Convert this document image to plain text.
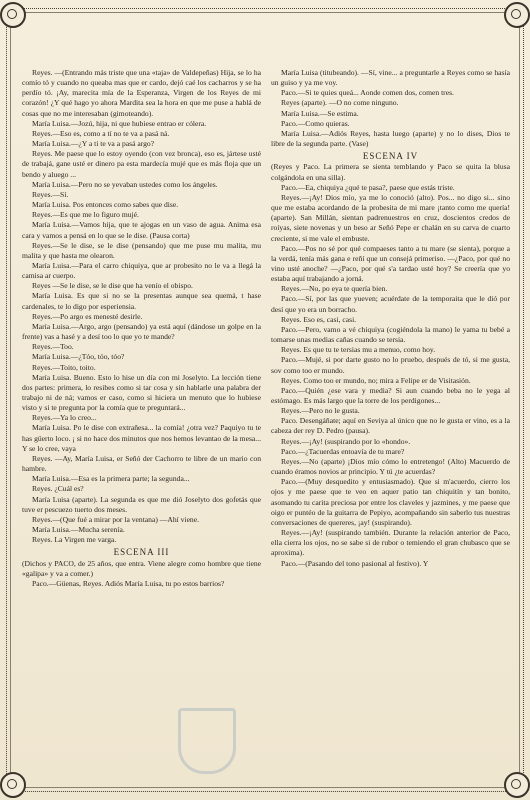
Reyes. —(Entrando más triste que una «taja» de Valdepeñas) Hija, se lo ha comío tó y cuando no queaba mas que er cardo, dejó caé los cacharros y se ha perdío tó. ¡Ay, marecita mía de la Esperanza, Virgen de los Reyes de mi corazón! ¿Y qué hago yo ahora Mardita sea la hora en que me puse a hablá de cosas que no me interesaban (gimoteando).

María Luisa.—Jozú, hija, ni que hubiese entrao er cólera.

Reyes.—Eso es, como a tí no te va a pasá ná.

María Luisa.—¿Y a ti te va a pasá argo?

Reyes. Me paese que lo estoy oyendo (con vez bronca), eso es, jártese usté de trabajá, gane usté er dinero pa esta mardecía mujé que es más floja que un bendo y aluego ...

María Luisa.—Pero no se yevaban ustedes como los ángeles.

Reyes.—Sí.

María Luisa. Pos entonces como sabes que dise.

Reyes.—Es que me lo figuro mujé.

María Luisa.—Vamos hija, que te ajogas en un vaso de agua. Anima esa cara y vamos a pensá en lo que se le dise. (Pausa corta)

Reyes.—Se le dise, se le dise (pensando) que me puse mu malita, mu malita y que hasta me olearon.

María Luisa.—Para el carro chiquiya, que ar probesito no le va a llegá la camisa ar cuerpo.

Reyes —Se le dise, se le dise que ha venío el obispo.

María Luisa. Es que si no se la presentas aunque sea quemá, t hase cardenales, te lo digo por esperiensia.

Reyes.—Po argo es menesté desirle.

María Luisa.—Argo, argo (pensando) ya está aquí (dándose un golpe en la frente) vas a hasé y a desí too lo que yo te mande?

Reyes.—Too.

María Luisa.—¿Tóo, tóo, tóo?

Reyes.—Toito, toito.

María Luisa. Bueno. Esto lo hise un día con mi Joselyto. La lección tiene dos partes: primera, lo resibes como si tar cosa y sin hablarle una palabra der trabajo ni de ná; vamos er caso, como si hiciera un menuto que lo hubiese visto y si te pregunta por la comía que te preguntará...

Reyes.—Ya lo creo...

María Luisa. Po le dise con extrañesa... la comía! ¿otra vez? Paquiyo tu te has güerto loco. ¡ si no hace dos minutos que nos hemos levantao de la mesa... Y se lo cree, vaya

Reyes. —Ay, María Luisa, er Señó der Cachorro te libre de un mario con hambre.

María Luisa.—Esa es la primera parte; la segunda...

Reyes. ¿Cuál es?

María Luisa (aparte). La segunda es que me dió Joselyto dos gofetás que tuve er pescuezo tuerto dos meses.

Reyes.—(Que fué a mirar por la ventana) —Ahí viene.

María Luisa.—Mucha serenía.

Reyes. La Virgen me varga.

ESCENA III

(Dichos y PACO, de 25 años, que entra. Viene alegre como hombre que tiene «galipa» y va a comer.)

Paco.—Güenas, Reyes. Adiós María Luisa, tu po estos barrios?

María Luisa (titubeando). —Sí, vine... a preguntarle a Reyes como se hasía un guiso y ya me voy.

Paco.—Si te quies queá... Aonde comen dos, comen tres.

Reyes (aparte). —O no come ninguno.

María Luisa.—Se estima.

Paco.—Como quieras.

María Luisa.—Adiós Reyes, hasta luego (aparte) y no lo dises, Dios te libre de la segunda parte. (Vase)

ESCENA IV

(Reyes y Paco. La primera se sienta temblando y Paco se quita la blusa colgándola en una silla).

Paco.—Ea, chiquiya ¿qué te pasa?, paese que estás triste.

Reyes.—¡Ay! Dios mío, ya me lo conoció (alto). Pos... no digo si... sino que me estaba acordando de la probesita de mi mare ¡tanto como me quería! (aparte). San Millán, sientan padrenuestros en cruz, doscientos credos de roíyas, siete novenas y un beso ar Señó Pepe er chalán en su carva de cuarto creciente, si me vale el embuste.

Paco.—Pos no sé por qué compaeses tanto a tu mare (se sienta), porque a la verdá, tenía más gana e reñí que un consejá primeriso. —¿Paco, por qué no vino usté anoche? —¿Paco, por qué s'a tardao usté hoy? Se creería que yo estaba aquí trabajando a jorná.

Reyes.—No, po eya te quería bien.

Paco.—Sí, por las que yueven; acuérdate de la temporaita que le dió por desí que yo era un borracho.

Reyes. Eso es, casi, casi.

Paco.—Pero, vamo a vé chiquiya (cogiéndola la mano) le yama tu bebé a tomarse unas medias cañas cuando se tersia.

Reyes. Es que tu te tersias mu a menuo, como hoy.

Paco.—Mujé, si por darte gusto no lo pruebo, después de tó, si me gusta, sov como too er mundo.

Reyes. Como too er mundo, no; mira a Felipe er de Visitasión.

Paco.—Quién ¿ese vara y media? Si aun cuando beba no le yega al estómago. Es más largo que la torre de los perdigones...

Reyes.—Pero no le gusta.

Paco. Desengáñate; aquí en Seviya al único que no le gusta er vino, es a la cabeza der rey D. Pedro (pausa).

Reyes.—¡Ay! (suspirando por lo «hondo».

Paco.—¿Tacuerdas entoavía de tu mare?

Reyes.—No (aparte) ¡Dios mío cómo lo entretengo! (Alto) Macuerdo de cuando éramos novios ar principio. Y tú ¿te acuerdas?

Paco.—(Muy desquedito y entusiasmado). Que si m'acuerdo, cierro los ojos y me paese que te veo en aquer patio tan chiquitín y tan bonito, asomando tu carita preciosa por entre los claveles y jazmines, y me paese que oigo er puntéo de la guitarra de Pepiyo, acompañando sin saberlo tus nuestras conversaciones de quereres, ¡ay! (suspirando).

Reyes.—¡Ay! (suspirando también. Durante la relación anterior de Paco, ella cierra los ojos, no se sabe si de rubor o temiendo el gran chubasco que se aproxima).

Paco.—(Pasando del tono pasional al festivo). Y
